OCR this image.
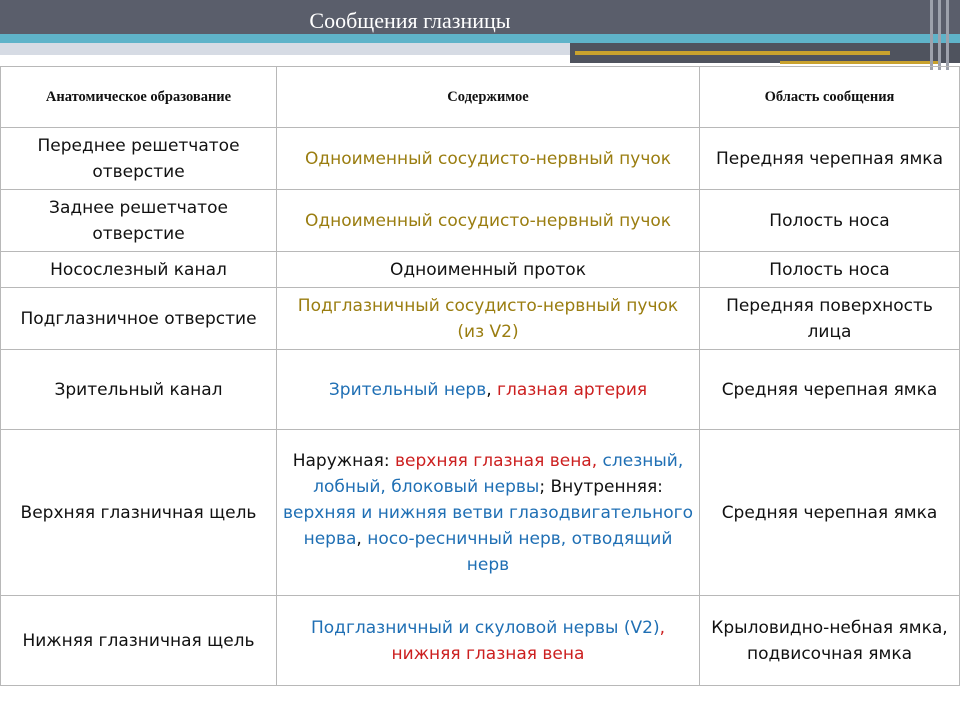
Сообщения глазницы
Анатомическое образование	Содержимое	Область сообщения
Переднее решетчатое отверстие	Одноименный сосудисто-нервный пучок	Передняя черепная ямка
Заднее решетчатое отверстие	Одноименный сосудисто-нервный пучок	Полость носа
Носослезный канал	Одноименный проток	Полость носа
Подглазничное отверстие	Подглазничный сосудисто-нервный пучок (из V2)	Передняя поверхность лица
Зрительный канал	Зрительный нерв, глазная артерия	Средняя черепная ямка
Верхняя глазничная щель	Наружная: верхняя глазная вена, слезный, лобный, блоковый нервы; Внутренняя: верхняя и нижняя ветви глазодвигательного нерва, носо-ресничный нерв, отводящий нерв	Средняя черепная ямка
Нижняя глазничная щель	Подглазничный и скуловой нервы (V2), нижняя глазная вена	Крыловидно-небная ямка, подвисочная ямка
